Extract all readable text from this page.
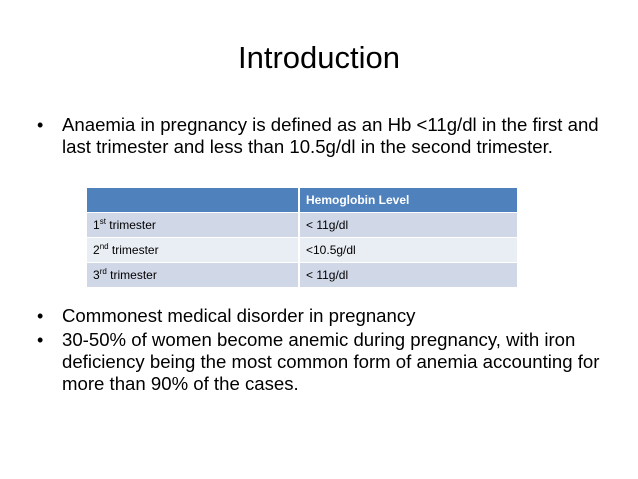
Introduction
• Anaemia in pregnancy is defined as an Hb <11g/dl in the first and last trimester and less than 10.5g/dl in the second trimester.
	Hemoglobin Level
1st trimester	< 11g/dl
2nd trimester	<10.5g/dl
3rd trimester	< 11g/dl
• Commonest medical disorder in pregnancy
• 30-50% of women become anemic during pregnancy, with iron deficiency being the most common form of anemia accounting for more than 90% of the cases.
